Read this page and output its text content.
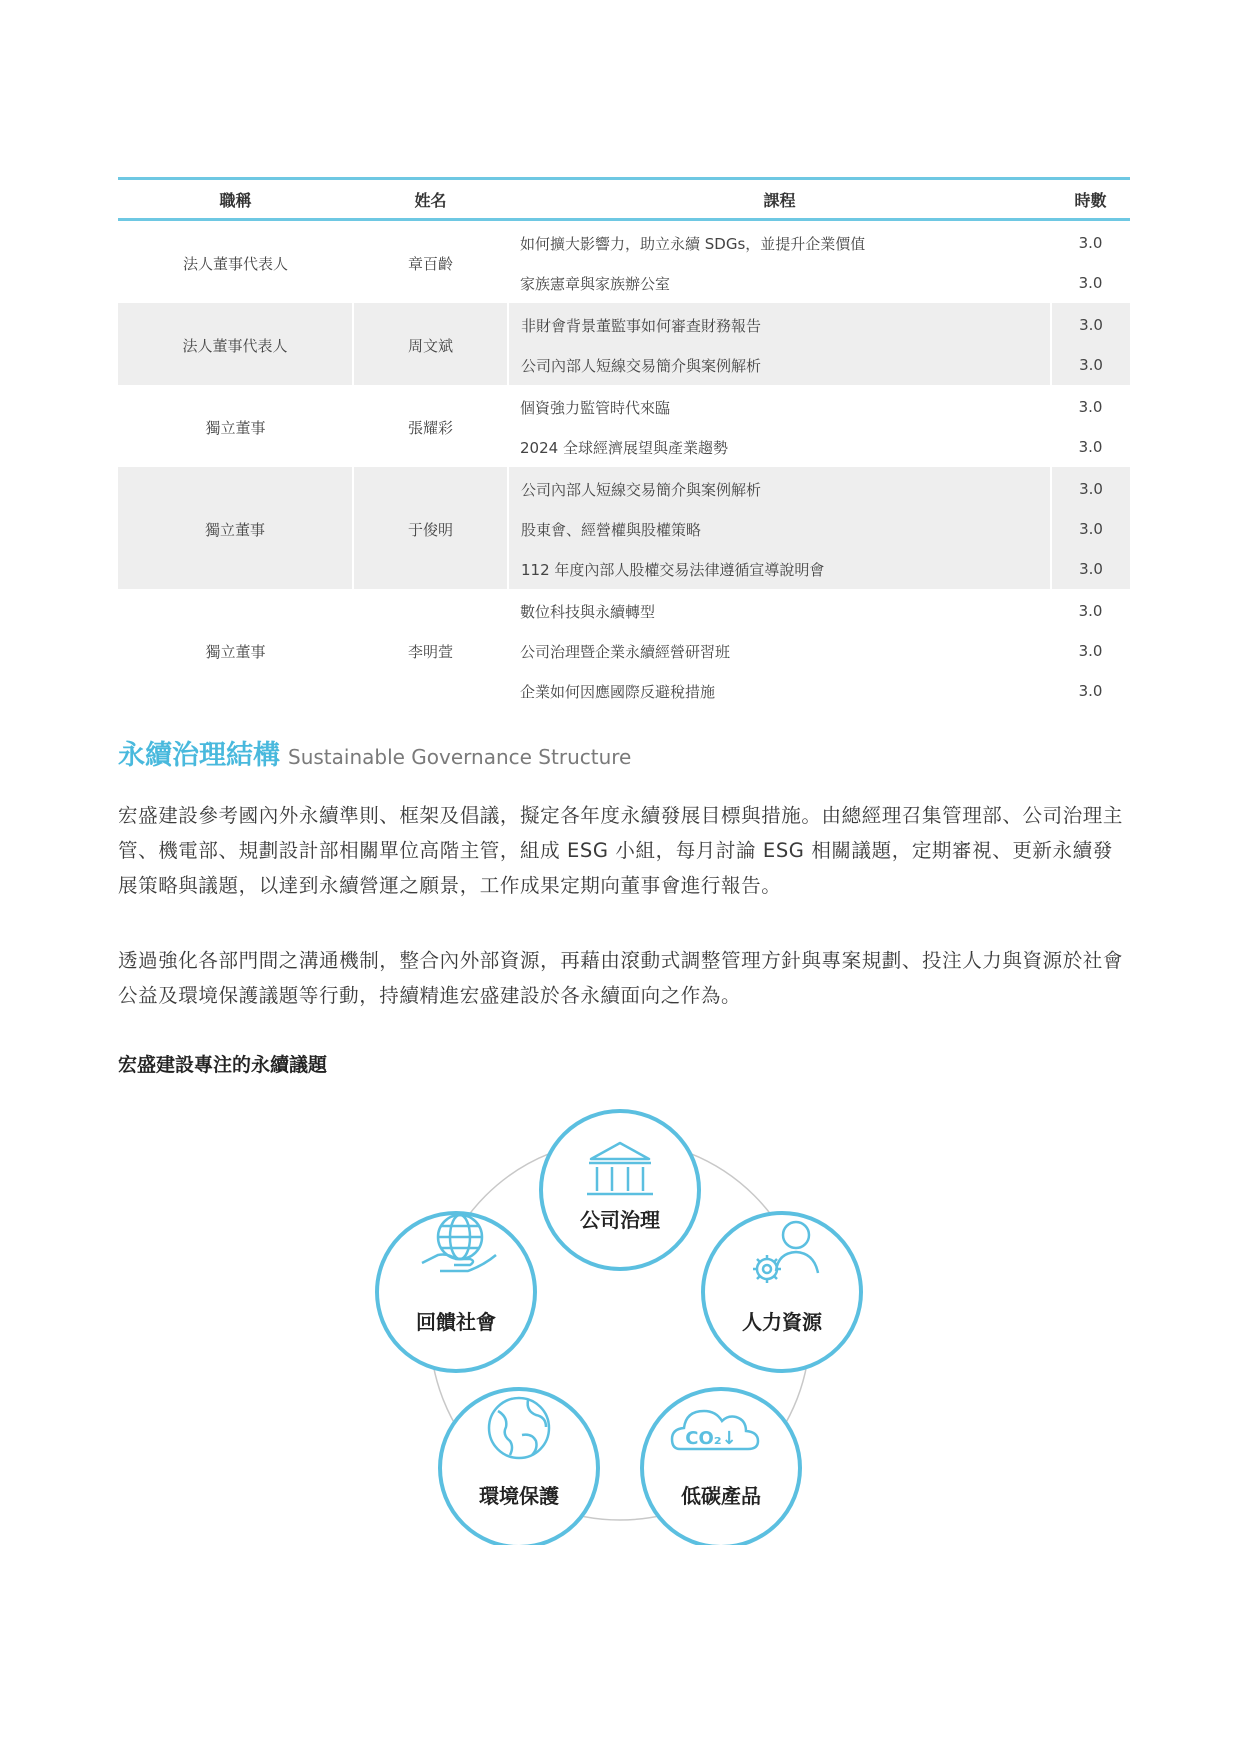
職稱	姓名	課程	時數
法人董事代表人	章百齡	如何擴大影響力，助立永續 SDGs，並提升企業價值	3.0
		家族憲章與家族辦公室	3.0
法人董事代表人	周文斌	非財會背景董監事如何審查財務報告	3.0
		公司內部人短線交易簡介與案例解析	3.0
獨立董事	張耀彩	個資強力監管時代來臨	3.0
		2024 全球經濟展望與產業趨勢	3.0
獨立董事	于俊明	公司內部人短線交易簡介與案例解析	3.0
		股東會、經營權與股權策略	3.0
		112 年度內部人股權交易法律遵循宣導說明會	3.0
獨立董事	李明萱	數位科技與永續轉型	3.0
		公司治理暨企業永續經營研習班	3.0
		企業如何因應國際反避稅措施	3.0
永續治理結構 Sustainable Governance Structure

宏盛建設參考國內外永續準則、框架及倡議，擬定各年度永續發展目標與措施。由總經理召集管理部、公司治理主管、機電部、規劃設計部相關單位高階主管，組成 ESG 小組，每月討論 ESG 相關議題，定期審視、更新永續發展策略與議題，以達到永續營運之願景，工作成果定期向董事會進行報告。

透過強化各部門間之溝通機制，整合內外部資源，再藉由滾動式調整管理方針與專案規劃、投注人力與資源於社會公益及環境保護議題等行動，持續精進宏盛建設於各永續面向之作為。

宏盛建設專注的永續議題
公司治理
人力資源
CO₂↓
低碳產品
環境保護
回饋社會
